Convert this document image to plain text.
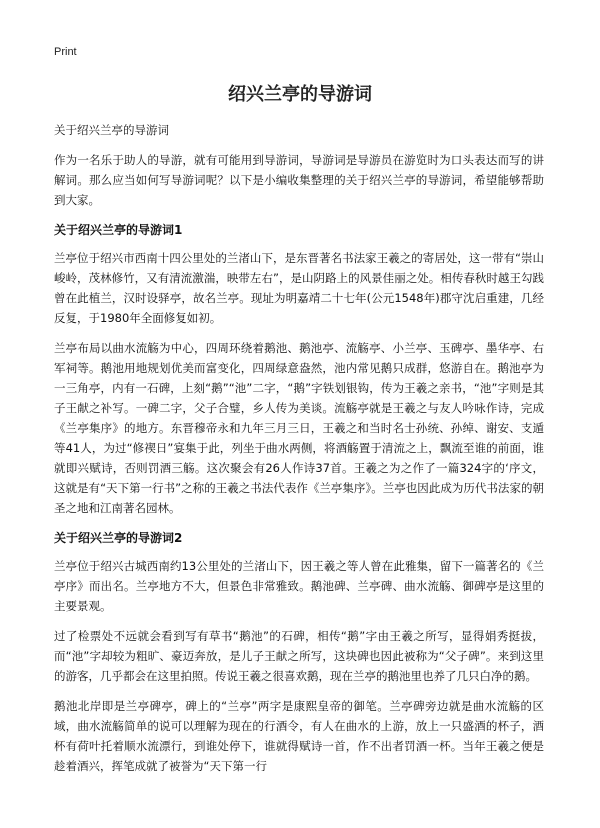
Print
绍兴兰亭的导游词

关于绍兴兰亭的导游词

作为一名乐于助人的导游，就有可能用到导游词，导游词是导游员在游览时为口头表达而写的讲解词。那么应当如何写导游词呢？以下是小编收集整理的关于绍兴兰亭的导游词，希望能够帮助到大家。

关于绍兴兰亭的导游词1

兰亭位于绍兴市西南十四公里处的兰渚山下，是东晋著名书法家王羲之的寄居处，这一带有“崇山峻岭，茂林修竹，又有清流激湍，映带左右”，是山阴路上的风景佳丽之处。相传春秋时越王勾践曾在此植兰，汉时设驿亭，故名兰亭。现址为明嘉靖二十七年(公元1548年)郡守沈启重建，几经反复，于1980年全面修复如初。

兰亭布局以曲水流觞为中心，四周环绕着鹅池、鹅池亭、流觞亭、小兰亭、玉碑亭、墨华亭、右军祠等。鹅池用地规划优美而富变化，四周绿意盎然，池内常见鹅只成群，悠游自在。鹅池亭为一三角亭，内有一石碑，上刻“鹅”“池”二字，“鹅”字铁划银钩，传为王羲之亲书，“池”字则是其子王献之补写。一碑二字，父子合璧，乡人传为美谈。流觞亭就是王羲之与友人吟咏作诗，完成《兰亭集序》的地方。东晋穆帝永和九年三月三日，王羲之和当时名士孙统、孙绰、谢安、支遁等41人，为过“修禊日”宴集于此，列坐于曲水两侧，将酒觞置于清流之上，飘流至谁的前面，谁就即兴赋诗，否则罚酒三觞。这次聚会有26人作诗37首。王羲之为之作了一篇324字的‘序文，这就是有“天下第一行书”之称的王羲之书法代表作《兰亭集序》。兰亭也因此成为历代书法家的朝圣之地和江南著名园林。

关于绍兴兰亭的导游词2

兰亭位于绍兴古城西南约13公里处的兰渚山下，因王羲之等人曾在此雅集，留下一篇著名的《兰亭序》而出名。兰亭地方不大，但景色非常雅致。鹅池碑、兰亭碑、曲水流觞、御碑亭是这里的主要景观。

过了检票处不远就会看到写有草书“鹅池”的石碑，相传“鹅”字由王羲之所写，显得娟秀挺拔，而“池”字却较为粗旷、豪迈奔放，是儿子王献之所写，这块碑也因此被称为“父子碑”。来到这里的游客，几乎都会在这里拍照。传说王羲之很喜欢鹅，现在兰亭的鹅池里也养了几只白净的鹅。

鹅池北岸即是兰亭碑亭，碑上的“兰亭”两字是康熙皇帝的御笔。兰亭碑旁边就是曲水流觞的区域，曲水流觞简单的说可以理解为现在的行酒令，有人在曲水的上游，放上一只盛酒的杯子，酒杯有荷叶托着顺水流漂行，到谁处停下，谁就得赋诗一首，作不出者罚酒一杯。当年王羲之便是趁着酒兴，挥笔成就了被誉为“天下第一行
